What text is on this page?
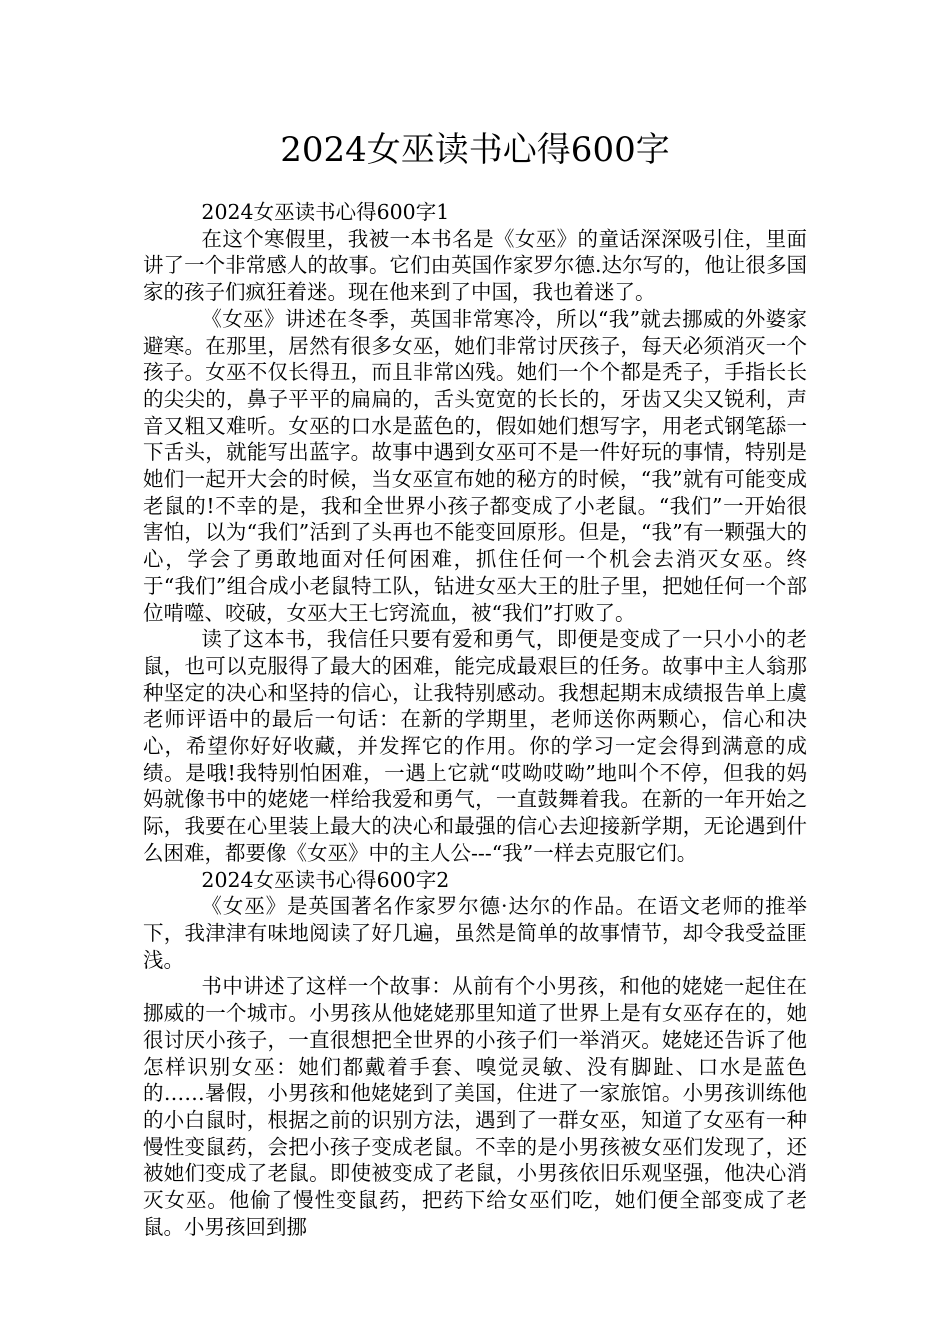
2024女巫读书心得600字

2024女巫读书心得600字1

在这个寒假里，我被一本书名是《女巫》的童话深深吸引住，里面讲了一个非常感人的故事。它们由英国作家罗尔德.达尔写的，他让很多国家的孩子们疯狂着迷。现在他来到了中国，我也着迷了。

《女巫》讲述在冬季，英国非常寒冷，所以“我”就去挪威的外婆家避寒。在那里，居然有很多女巫，她们非常讨厌孩子，每天必须消灭一个孩子。女巫不仅长得丑，而且非常凶残。她们一个个都是秃子，手指长长的尖尖的，鼻子平平的扁扁的，舌头宽宽的长长的，牙齿又尖又锐利，声音又粗又难听。女巫的口水是蓝色的，假如她们想写字，用老式钢笔舔一下舌头，就能写出蓝字。故事中遇到女巫可不是一件好玩的事情，特别是她们一起开大会的时候，当女巫宣布她的秘方的时候，“我”就有可能变成老鼠的!不幸的是，我和全世界小孩子都变成了小老鼠。“我们”一开始很害怕，以为“我们”活到了头再也不能变回原形。但是，“我”有一颗强大的心，学会了勇敢地面对任何困难，抓住任何一个机会去消灭女巫。终于“我们”组合成小老鼠特工队，钻进女巫大王的肚子里，把她任何一个部位啃噬、咬破，女巫大王七窍流血，被“我们”打败了。

读了这本书，我信任只要有爱和勇气，即便是变成了一只小小的老鼠，也可以克服得了最大的困难，能完成最艰巨的任务。故事中主人翁那种坚定的决心和坚持的信心，让我特别感动。我想起期末成绩报告单上虞老师评语中的最后一句话：在新的学期里，老师送你两颗心，信心和决心，希望你好好收藏，并发挥它的作用。你的学习一定会得到满意的成绩。是哦!我特别怕困难，一遇上它就“哎呦哎呦”地叫个不停，但我的妈妈就像书中的姥姥一样给我爱和勇气，一直鼓舞着我。在新的一年开始之际，我要在心里装上最大的决心和最强的信心去迎接新学期，无论遇到什么困难，都要像《女巫》中的主人公---“我”一样去克服它们。

2024女巫读书心得600字2

《女巫》是英国著名作家罗尔德·达尔的作品。在语文老师的推举下，我津津有味地阅读了好几遍，虽然是简单的故事情节，却令我受益匪浅。

书中讲述了这样一个故事：从前有个小男孩，和他的姥姥一起住在挪威的一个城市。小男孩从他姥姥那里知道了世界上是有女巫存在的，她很讨厌小孩子，一直很想把全世界的小孩子们一举消灭。姥姥还告诉了他怎样识别女巫：她们都戴着手套、嗅觉灵敏、没有脚趾、口水是蓝色的……暑假，小男孩和他姥姥到了美国，住进了一家旅馆。小男孩训练他的小白鼠时，根据之前的识别方法，遇到了一群女巫，知道了女巫有一种慢性变鼠药，会把小孩子变成老鼠。不幸的是小男孩被女巫们发现了，还被她们变成了老鼠。即使被变成了老鼠，小男孩依旧乐观坚强，他决心消灭女巫。他偷了慢性变鼠药，把药下给女巫们吃，她们便全部变成了老鼠。小男孩回到挪
